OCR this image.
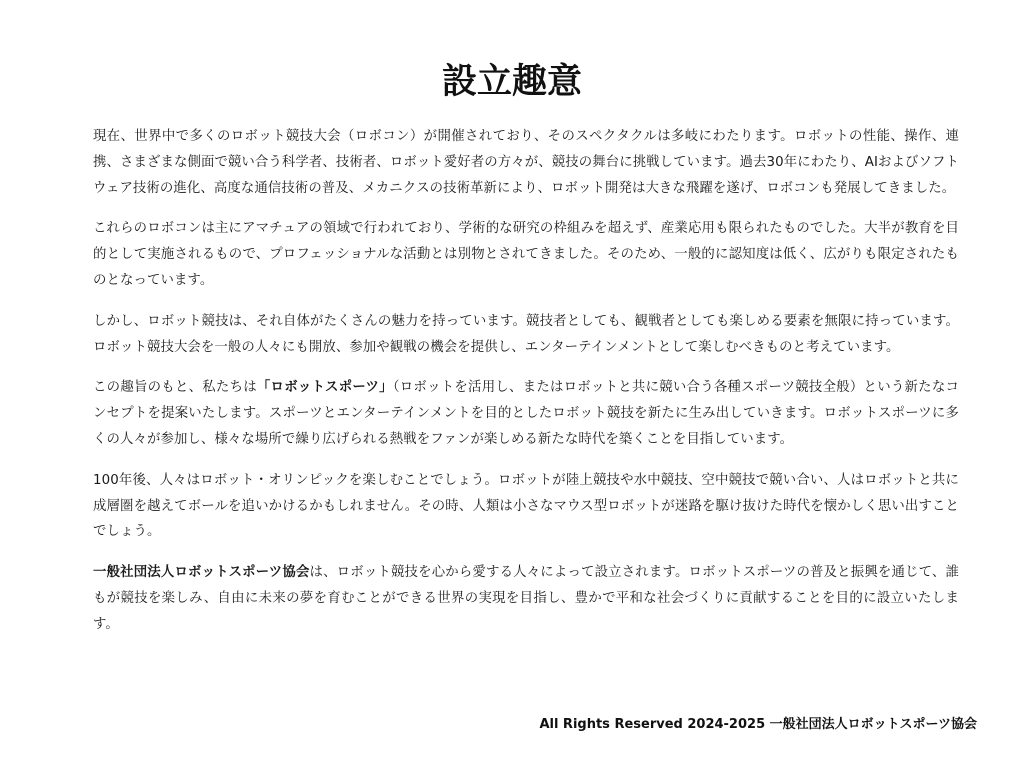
設立趣意

現在、世界中で多くのロボット競技大会（ロボコン）が開催されており、そのスペクタクルは多岐にわたります。ロボットの性能、操作、連携、さまざまな側面で競い合う科学者、技術者、ロボット愛好者の方々が、競技の舞台に挑戦しています。過去30年にわたり、AIおよびソフトウェア技術の進化、高度な通信技術の普及、メカニクスの技術革新により、ロボット開発は大きな飛躍を遂げ、ロボコンも発展してきました。

これらのロボコンは主にアマチュアの領域で行われており、学術的な研究の枠組みを超えず、産業応用も限られたものでした。大半が教育を目的として実施されるもので、プロフェッショナルな活動とは別物とされてきました。そのため、一般的に認知度は低く、広がりも限定されたものとなっています。

しかし、ロボット競技は、それ自体がたくさんの魅力を持っています。競技者としても、観戦者としても楽しめる要素を無限に持っています。ロボット競技大会を一般の人々にも開放、参加や観戦の機会を提供し、エンターテインメントとして楽しむべきものと考えています。

この趣旨のもと、私たちは「ロボットスポーツ」（ロボットを活用し、またはロボットと共に競い合う各種スポーツ競技全般）という新たなコンセプトを提案いたします。スポーツとエンターテインメントを目的としたロボット競技を新たに生み出していきます。ロボットスポーツに多くの人々が参加し、様々な場所で繰り広げられる熱戦をファンが楽しめる新たな時代を築くことを目指しています。

100年後、人々はロボット・オリンピックを楽しむことでしょう。ロボットが陸上競技や水中競技、空中競技で競い合い、人はロボットと共に成層圏を越えてボールを追いかけるかもしれません。その時、人類は小さなマウス型ロボットが迷路を駆け抜けた時代を懐かしく思い出すことでしょう。

一般社団法人ロボットスポーツ協会は、ロボット競技を心から愛する人々によって設立されます。ロボットスポーツの普及と振興を通じて、誰もが競技を楽しみ、自由に未来の夢を育むことができる世界の実現を目指し、豊かで平和な社会づくりに貢献することを目的に設立いたします。

All Rights Reserved 2024-2025 一般社団法人ロボットスポーツ協会
